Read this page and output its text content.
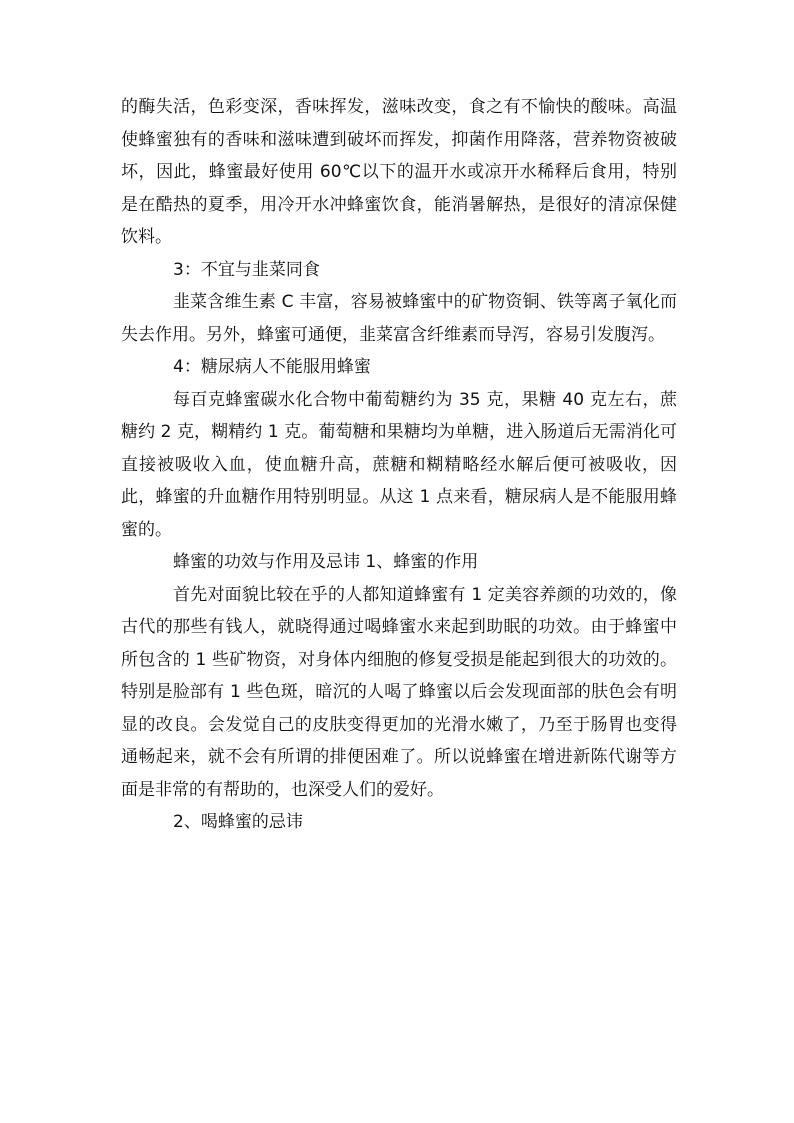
的酶失活，色彩变深，香味挥发，滋味改变，食之有不愉快的酸味。高温使蜂蜜独有的香味和滋味遭到破坏而挥发，抑菌作用降落，营养物资被破坏，因此，蜂蜜最好使用 60℃以下的温开水或凉开水稀释后食用，特别是在酷热的夏季，用冷开水冲蜂蜜饮食，能消暑解热，是很好的清凉保健饮料。

3：不宜与韭菜同食

韭菜含维生素 C 丰富，容易被蜂蜜中的矿物资铜、铁等离子氧化而失去作用。另外，蜂蜜可通便，韭菜富含纤维素而导泻，容易引发腹泻。

4：糖尿病人不能服用蜂蜜

每百克蜂蜜碳水化合物中葡萄糖约为 35 克，果糖 40 克左右，蔗糖约 2 克，糊精约 1 克。葡萄糖和果糖均为单糖，进入肠道后无需消化可直接被吸收入血，使血糖升高，蔗糖和糊精略经水解后便可被吸收，因此，蜂蜜的升血糖作用特别明显。从这 1 点来看，糖尿病人是不能服用蜂蜜的。

蜂蜜的功效与作用及忌讳 1、蜂蜜的作用

首先对面貌比较在乎的人都知道蜂蜜有 1 定美容养颜的功效的，像古代的那些有钱人，就晓得通过喝蜂蜜水来起到助眠的功效。由于蜂蜜中所包含的 1 些矿物资，对身体内细胞的修复受损是能起到很大的功效的。特别是脸部有 1 些色斑，暗沉的人喝了蜂蜜以后会发现面部的肤色会有明显的改良。会发觉自己的皮肤变得更加的光滑水嫩了，乃至于肠胃也变得通畅起来，就不会有所谓的排便困难了。所以说蜂蜜在增进新陈代谢等方面是非常的有帮助的，也深受人们的爱好。

2、喝蜂蜜的忌讳
